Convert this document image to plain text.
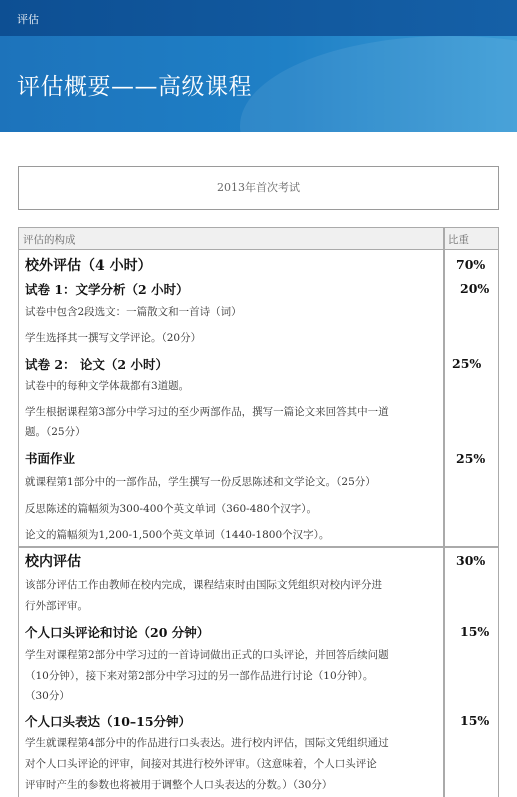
评估
评估概要——高级课程
2013年首次考试
评估的构成	比重
校外评估（4 小时）	70%
试卷 1：文学分析（2 小时）	20%
试卷中包含2段选文：一篇散文和一首诗（词）
学生选择其一撰写文学评论。（20分）
试卷 2： 论文（2 小时）	25%
试卷中的每种文学体裁都有3道题。
学生根据课程第3部分中学习过的至少两部作品，撰写一篇论文来回答其中一道
题。（25分）
书面作业	25%
就课程第1部分中的一部作品，学生撰写一份反思陈述和文学论文。（25分）
反思陈述的篇幅须为300-400个英文单词（360-480个汉字）。
论文的篇幅须为1,200-1,500个英文单词（1440-1800个汉字）。
校内评估	30%
该部分评估工作由教师在校内完成，课程结束时由国际文凭组织对校内评分进
行外部评审。
个人口头评论和讨论（20 分钟）	15%
学生对课程第2部分中学习过的一首诗词做出正式的口头评论，并回答后续问题
（10分钟），接下来对第2部分中学习过的另一部作品进行讨论（10分钟）。
（30分）
个人口头表达（10–15分钟）	15%
学生就课程第4部分中的作品进行口头表达。进行校内评估，国际文凭组织通过
对个人口头评论的评审，间接对其进行校外评审。（这意味着，个人口头评论
评审时产生的参数也将被用于调整个人口头表达的分数。）（30分）
